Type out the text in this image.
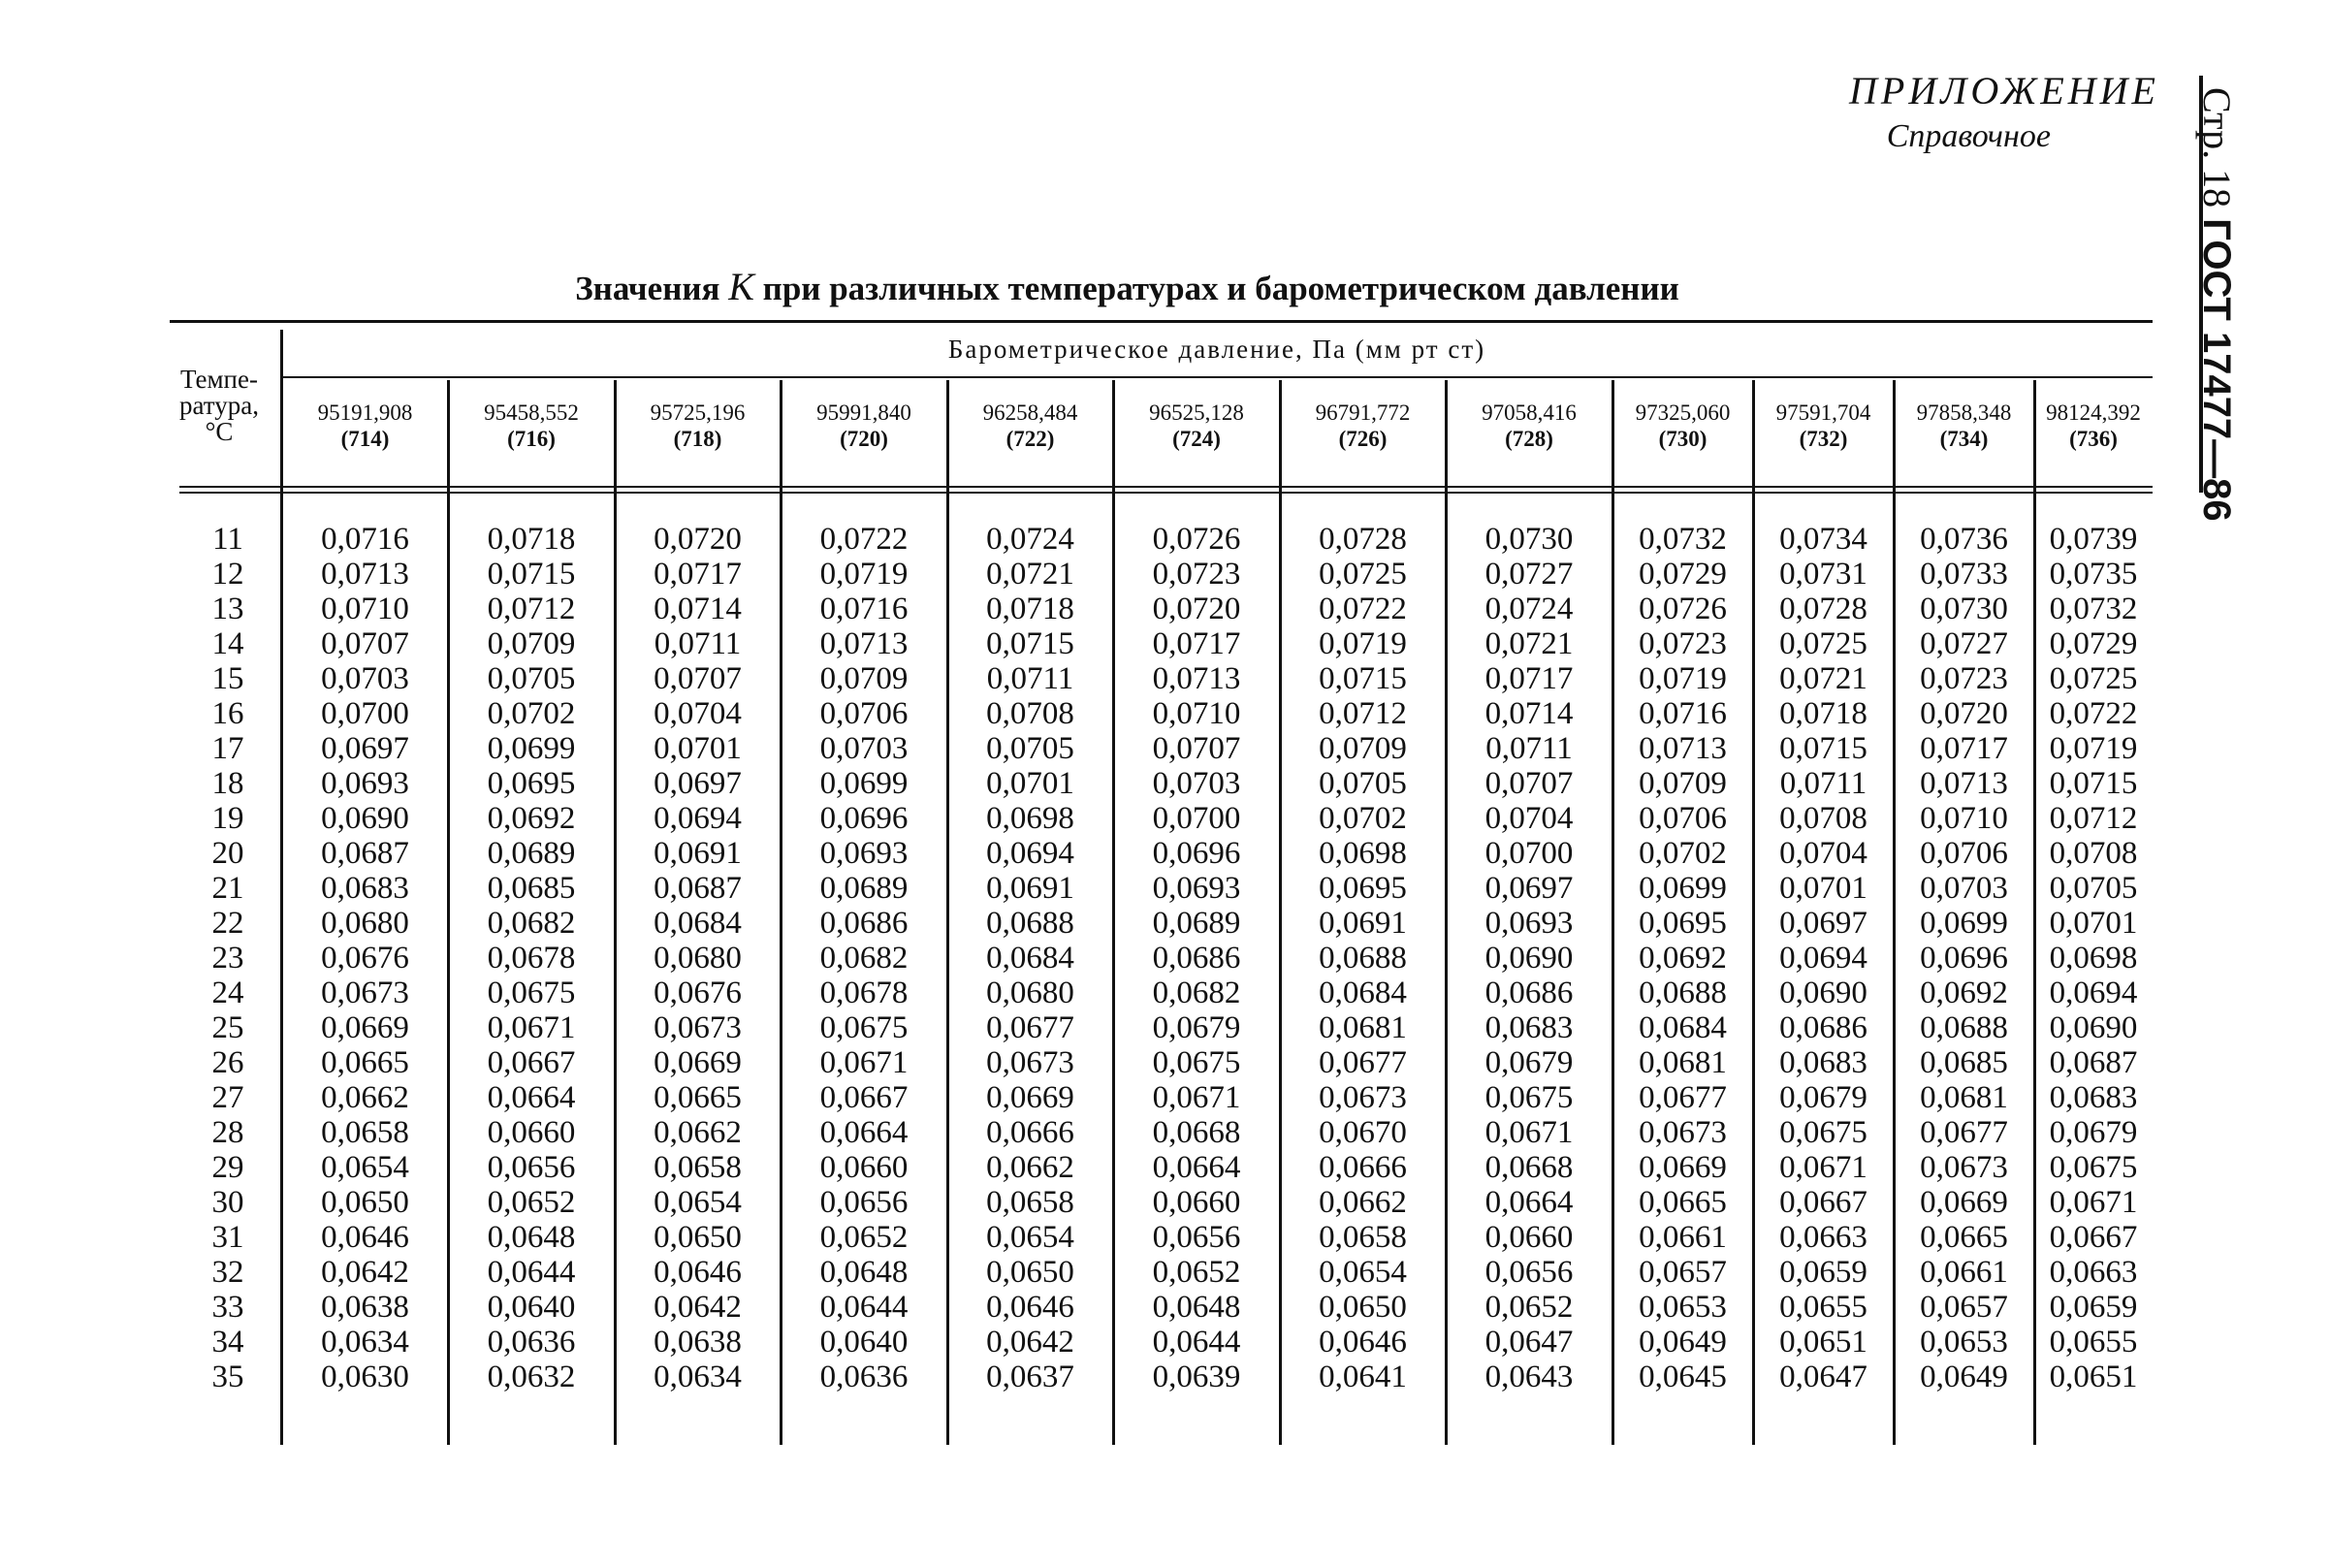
ПРИЛОЖЕНИЕ
Справочное	Стр. 18 ГОСТ 17477—86
Значения K при различных температурах и барометрическом давлении
Темпе-
ратура,
°C
Барометрическое давление, Па (мм рт ст)
11
12
13
14
15
16
17
18
19
20
21
22
23
24
25
26
27
28
29
30
31
32
33
34
35
95191,908
(714)
0,0716
0,0713
0,0710
0,0707
0,0703
0,0700
0,0697
0,0693
0,0690
0,0687
0,0683
0,0680
0,0676
0,0673
0,0669
0,0665
0,0662
0,0658
0,0654
0,0650
0,0646
0,0642
0,0638
0,0634
0,0630
95458,552
(716)
0,0718
0,0715
0,0712
0,0709
0,0705
0,0702
0,0699
0,0695
0,0692
0,0689
0,0685
0,0682
0,0678
0,0675
0,0671
0,0667
0,0664
0,0660
0,0656
0,0652
0,0648
0,0644
0,0640
0,0636
0,0632
95725,196
(718)
0,0720
0,0717
0,0714
0,0711
0,0707
0,0704
0,0701
0,0697
0,0694
0,0691
0,0687
0,0684
0,0680
0,0676
0,0673
0,0669
0,0665
0,0662
0,0658
0,0654
0,0650
0,0646
0,0642
0,0638
0,0634
95991,840
(720)
0,0722
0,0719
0,0716
0,0713
0,0709
0,0706
0,0703
0,0699
0,0696
0,0693
0,0689
0,0686
0,0682
0,0678
0,0675
0,0671
0,0667
0,0664
0,0660
0,0656
0,0652
0,0648
0,0644
0,0640
0,0636
96258,484
(722)
0,0724
0,0721
0,0718
0,0715
0,0711
0,0708
0,0705
0,0701
0,0698
0,0694
0,0691
0,0688
0,0684
0,0680
0,0677
0,0673
0,0669
0,0666
0,0662
0,0658
0,0654
0,0650
0,0646
0,0642
0,0637
96525,128
(724)
0,0726
0,0723
0,0720
0,0717
0,0713
0,0710
0,0707
0,0703
0,0700
0,0696
0,0693
0,0689
0,0686
0,0682
0,0679
0,0675
0,0671
0,0668
0,0664
0,0660
0,0656
0,0652
0,0648
0,0644
0,0639
96791,772
(726)
0,0728
0,0725
0,0722
0,0719
0,0715
0,0712
0,0709
0,0705
0,0702
0,0698
0,0695
0,0691
0,0688
0,0684
0,0681
0,0677
0,0673
0,0670
0,0666
0,0662
0,0658
0,0654
0,0650
0,0646
0,0641
97058,416
(728)
0,0730
0,0727
0,0724
0,0721
0,0717
0,0714
0,0711
0,0707
0,0704
0,0700
0,0697
0,0693
0,0690
0,0686
0,0683
0,0679
0,0675
0,0671
0,0668
0,0664
0,0660
0,0656
0,0652
0,0647
0,0643
97325,060
(730)
0,0732
0,0729
0,0726
0,0723
0,0719
0,0716
0,0713
0,0709
0,0706
0,0702
0,0699
0,0695
0,0692
0,0688
0,0684
0,0681
0,0677
0,0673
0,0669
0,0665
0,0661
0,0657
0,0653
0,0649
0,0645
97591,704
(732)
0,0734
0,0731
0,0728
0,0725
0,0721
0,0718
0,0715
0,0711
0,0708
0,0704
0,0701
0,0697
0,0694
0,0690
0,0686
0,0683
0,0679
0,0675
0,0671
0,0667
0,0663
0,0659
0,0655
0,0651
0,0647
97858,348
(734)
0,0736
0,0733
0,0730
0,0727
0,0723
0,0720
0,0717
0,0713
0,0710
0,0706
0,0703
0,0699
0,0696
0,0692
0,0688
0,0685
0,0681
0,0677
0,0673
0,0669
0,0665
0,0661
0,0657
0,0653
0,0649
98124,392
(736)
0,0739
0,0735
0,0732
0,0729
0,0725
0,0722
0,0719
0,0715
0,0712
0,0708
0,0705
0,0701
0,0698
0,0694
0,0690
0,0687
0,0683
0,0679
0,0675
0,0671
0,0667
0,0663
0,0659
0,0655
0,0651
